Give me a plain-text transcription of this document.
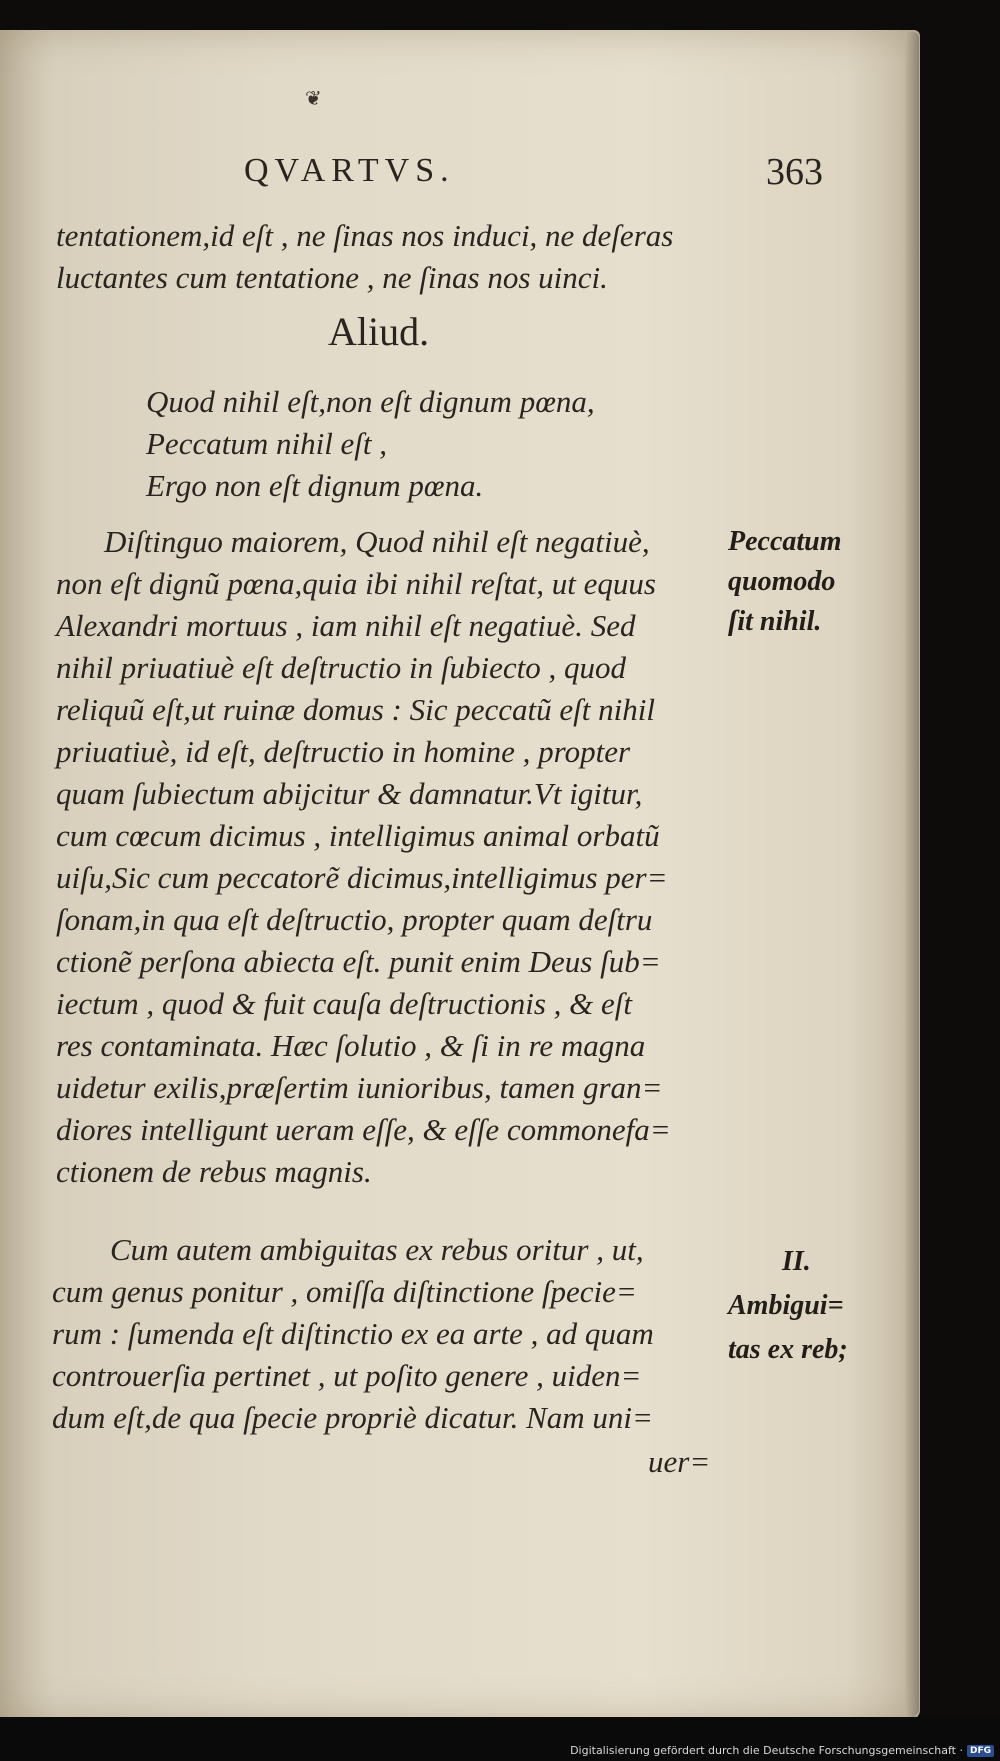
❦
QVARTVS.	363
tentationem,id eſt , ne ſinas nos induci, ne deſeras
luctantes cum tentatione , ne ſinas nos uinci.
Aliud.
Quod nihil eſt,non eſt dignum pœna,
Peccatum nihil eſt ,
Ergo non eſt dignum pœna.
Diſtinguo maiorem, Quod nihil eſt negatiuè,
non eſt dignũ pœna,quia ibi nihil reſtat, ut equus
Alexandri mortuus , iam nihil eſt negatiuè. Sed
nihil priuatiuè eſt deſtructio in ſubiecto , quod
reliquũ eſt,ut ruinæ domus : Sic peccatũ eſt nihil
priuatiuè, id eſt, deſtructio in homine , propter
quam ſubiectum abijcitur & damnatur.Vt igitur,
cum cœcum dicimus , intelligimus animal orbatũ
uiſu,Sic cum peccatorẽ dicimus,intelligimus per=
ſonam,in qua eſt deſtructio, propter quam deſtru
ctionẽ perſona abiecta eſt. punit enim Deus ſub=
iectum , quod & fuit cauſa deſtructionis , & eſt
res contaminata. Hæc ſolutio , & ſi in re magna
uidetur exilis,præſertim iunioribus, tamen gran=
diores intelligunt ueram eſſe, & eſſe commonefa=
ctionem de rebus magnis.
Cum autem ambiguitas ex rebus oritur , ut,
cum genus ponitur , omiſſa diſtinctione ſpecie=
rum : ſumenda eſt diſtinctio ex ea arte , ad quam
controuerſia pertinet , ut poſito genere , uiden=
dum eſt,de qua ſpecie propriè dicatur. Nam uni=
uer=
Peccatum
quomodo
ſit nihil.
II.
Ambigui=
tas ex reb;
Digitalisierung gefördert durch die Deutsche Forschungsgemeinschaft · DFG
